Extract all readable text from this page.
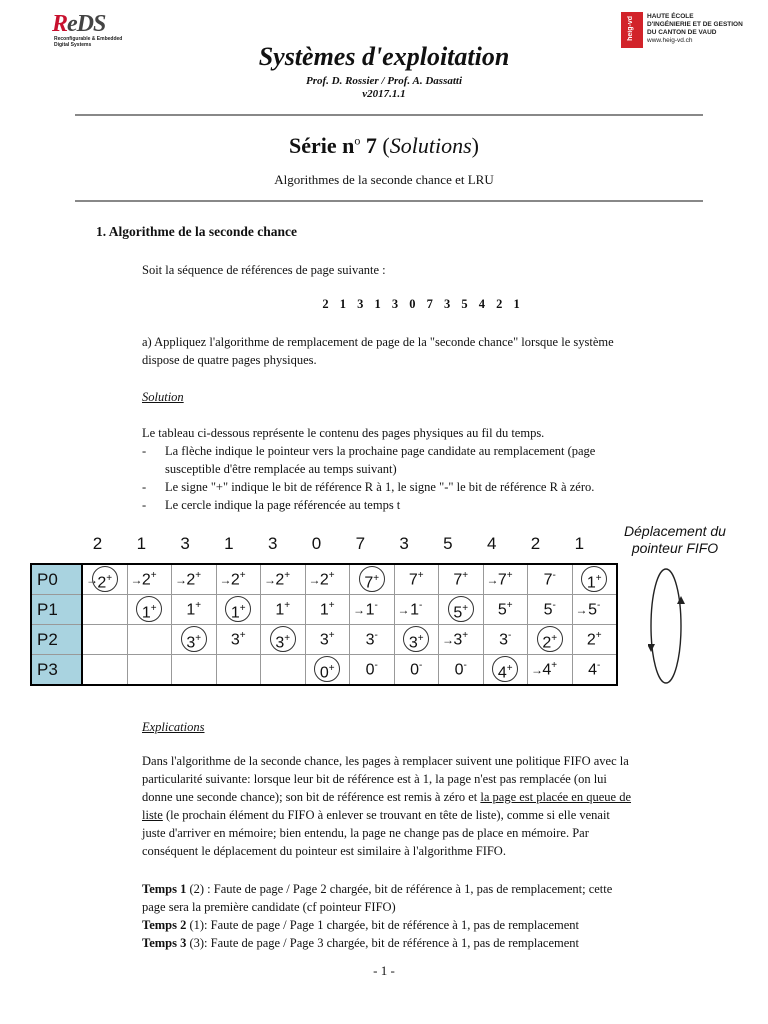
ReDS
Reconfigurable & Embedded
Digital Systems
heig-vd HAUTE ÉCOLE
D'INGÉNIERIE ET DE GESTION
DU CANTON DE VAUD
www.heig-vd.ch
Systèmes d'exploitation
Prof. D. Rossier / Prof. A. Dassatti
v2017.1.1
Série $n^o$ 7 (Solutions)
Algorithmes de la seconde chance et LRU
1. Algorithme de la seconde chance
Soit la séquence de références de page suivante :
2 1 3 1 3 0 7 3 5 4 2 1
a) Appliquez l'algorithme de remplacement de page de la "seconde chance" lorsque le système
dispose de quatre pages physiques.
Solution
Le tableau ci-dessous représente le contenu des pages physiques au fil du temps.
- La flèche indique le pointeur vers la prochaine page candidate au remplacement (page
susceptible d'être remplacée au temps suivant)
- Le signe "+" indique le bit de référence R à 1, le signe "-" le bit de référence R à zéro.
- Le cercle indique la page référencée au temps t
2	1	3	1	3	0	7	3	5	4	2	1
P0	→ 2+	→ 2+	→ 2+	→ 2+	→ 2+	→ 2+	7+	7+	7+	→ 7+	7-	1+
P1		1+	1+	1+	1+	1+	→ 1-	→ 1-	5+	5+	5-	→ 5-
P2			3+	3+	3+	3+	3-	3+	→ 3+	3-	2+	2+
P3						0+	0-	0-	0-	4+	→ 4+	4-
Déplacement du
pointeur FIFO
Explications
Dans l'algorithme de la seconde chance, les pages à remplacer suivent une politique FIFO avec la
particularité suivante: lorsque leur bit de référence est à 1, la page n'est pas remplacée (on lui
donne une seconde chance); son bit de référence est remis à zéro et la page est placée en queue de
liste (le prochain élément du FIFO à enlever se trouvant en tête de liste), comme si elle venait
juste d'arriver en mémoire; bien entendu, la page ne change pas de place en mémoire. Par
conséquent le déplacement du pointeur est similaire à l'algorithme FIFO.
Temps 1 (2) : Faute de page / Page 2 chargée, bit de référence à 1, pas de remplacement; cette
page sera la première candidate (cf pointeur FIFO)
Temps 2 (1): Faute de page / Page 1 chargée, bit de référence à 1, pas de remplacement
Temps 3 (3): Faute de page / Page 3 chargée, bit de référence à 1, pas de remplacement
- 1 -
